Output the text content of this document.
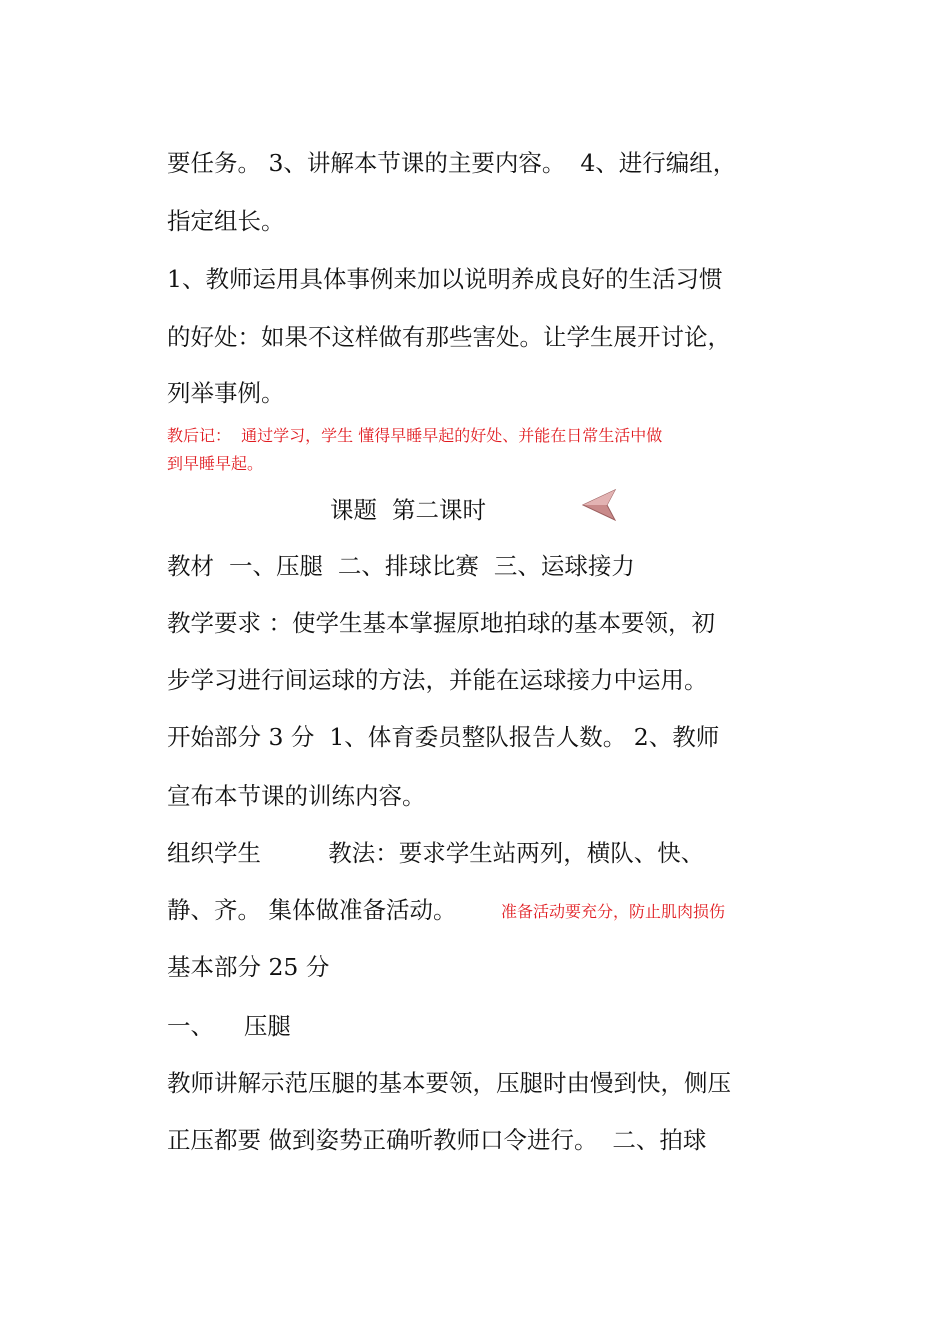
要任务。 3、讲解本节课的主要内容。  4、进行编组，
指定组长。
1、教师运用具体事例来加以说明养成良好的生活习惯
的好处：如果不这样做有那些害处。让学生展开讨论，
列举事例。
教后记：  通过学习，学生 懂得早睡早起的好处、并能在日常生活中做
到早睡早起。
课题  第二课时
教材  一、压腿  二、排球比赛  三、运球接力
教学要求 ：使学生基本掌握原地拍球的基本要领，初
步学习进行间运球的方法，并能在运球接力中运用。
开始部分 3 分  1、体育委员整队报告人数。 2、教师
宣布本节课的训练内容。
组织学生         教法：要求学生站两列，横队、快、
静、齐。 集体做准备活动。	准备活动要充分，防止肌肉损伤
基本部分 25 分
一、    压腿
教师讲解示范压腿的基本要领，压腿时由慢到快，侧压
正压都要 做到姿势正确听教师口令进行。  二、拍球
